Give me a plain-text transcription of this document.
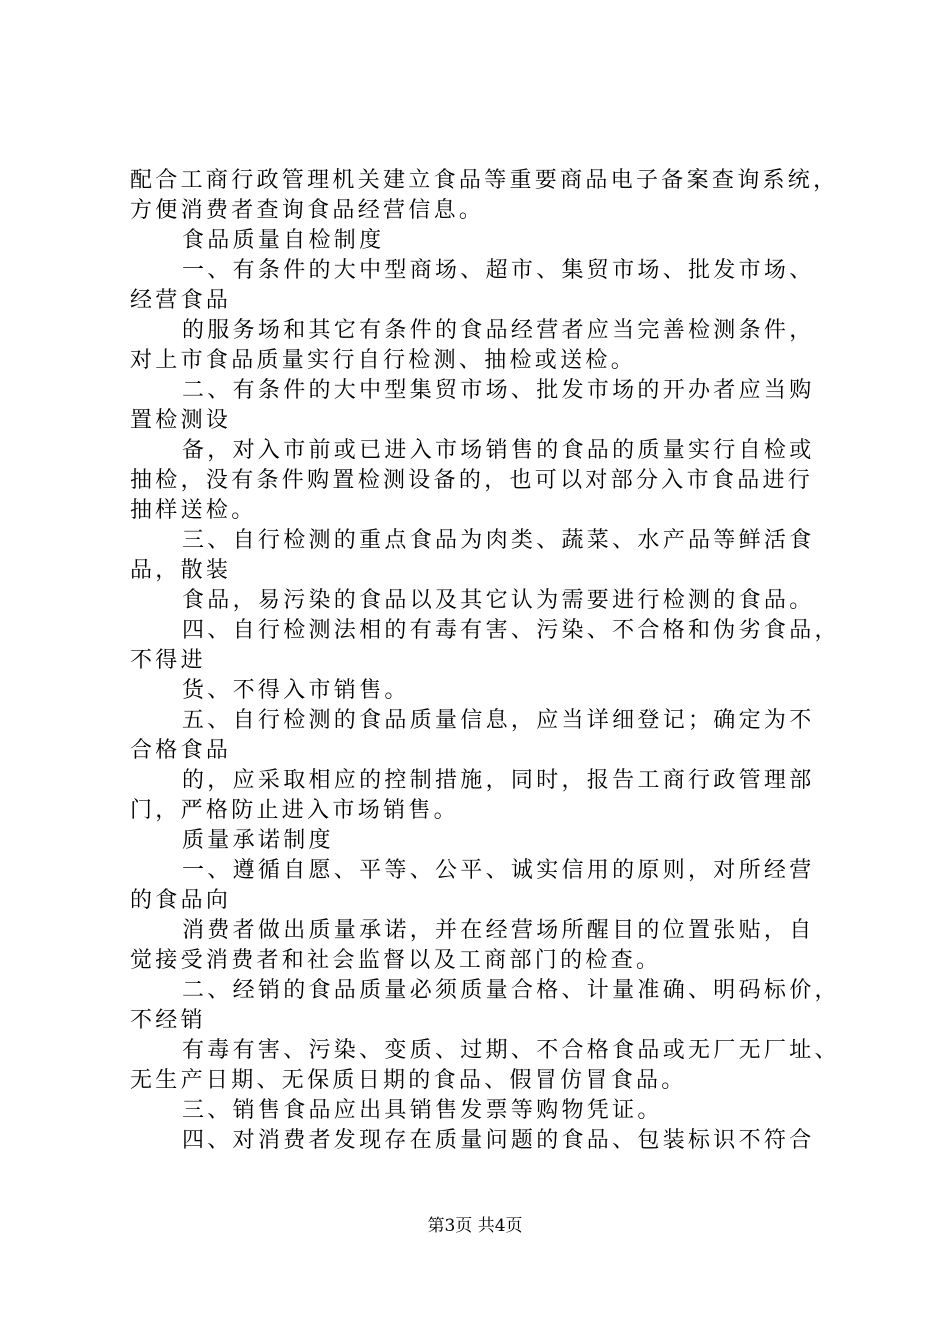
配合工商行政管理机关建立食品等重要商品电子备案查询系统，
方便消费者查询食品经营信息。
食品质量自检制度
一、有条件的大中型商场、超市、集贸市场、批发市场、
经营食品
的服务场和其它有条件的食品经营者应当完善检测条件，
对上市食品质量实行自行检测、抽检或送检。
二、有条件的大中型集贸市场、批发市场的开办者应当购
置检测设
备，对入市前或已进入市场销售的食品的质量实行自检或
抽检，没有条件购置检测设备的，也可以对部分入市食品进行
抽样送检。
三、自行检测的重点食品为肉类、蔬菜、水产品等鲜活食
品，散装
食品，易污染的食品以及其它认为需要进行检测的食品。
四、自行检测法相的有毒有害、污染、不合格和伪劣食品，
不得进
货、不得入市销售。
五、自行检测的食品质量信息，应当详细登记；确定为不
合格食品
的，应采取相应的控制措施，同时，报告工商行政管理部
门，严格防止进入市场销售。
质量承诺制度
一、遵循自愿、平等、公平、诚实信用的原则，对所经营
的食品向
消费者做出质量承诺，并在经营场所醒目的位置张贴，自
觉接受消费者和社会监督以及工商部门的检查。
二、经销的食品质量必须质量合格、计量准确、明码标价，
不经销
有毒有害、污染、变质、过期、不合格食品或无厂无厂址、
无生产日期、无保质日期的食品、假冒仿冒食品。
三、销售食品应出具销售发票等购物凭证。
四、对消费者发现存在质量问题的食品、包装标识不符合
第3页 共4页
